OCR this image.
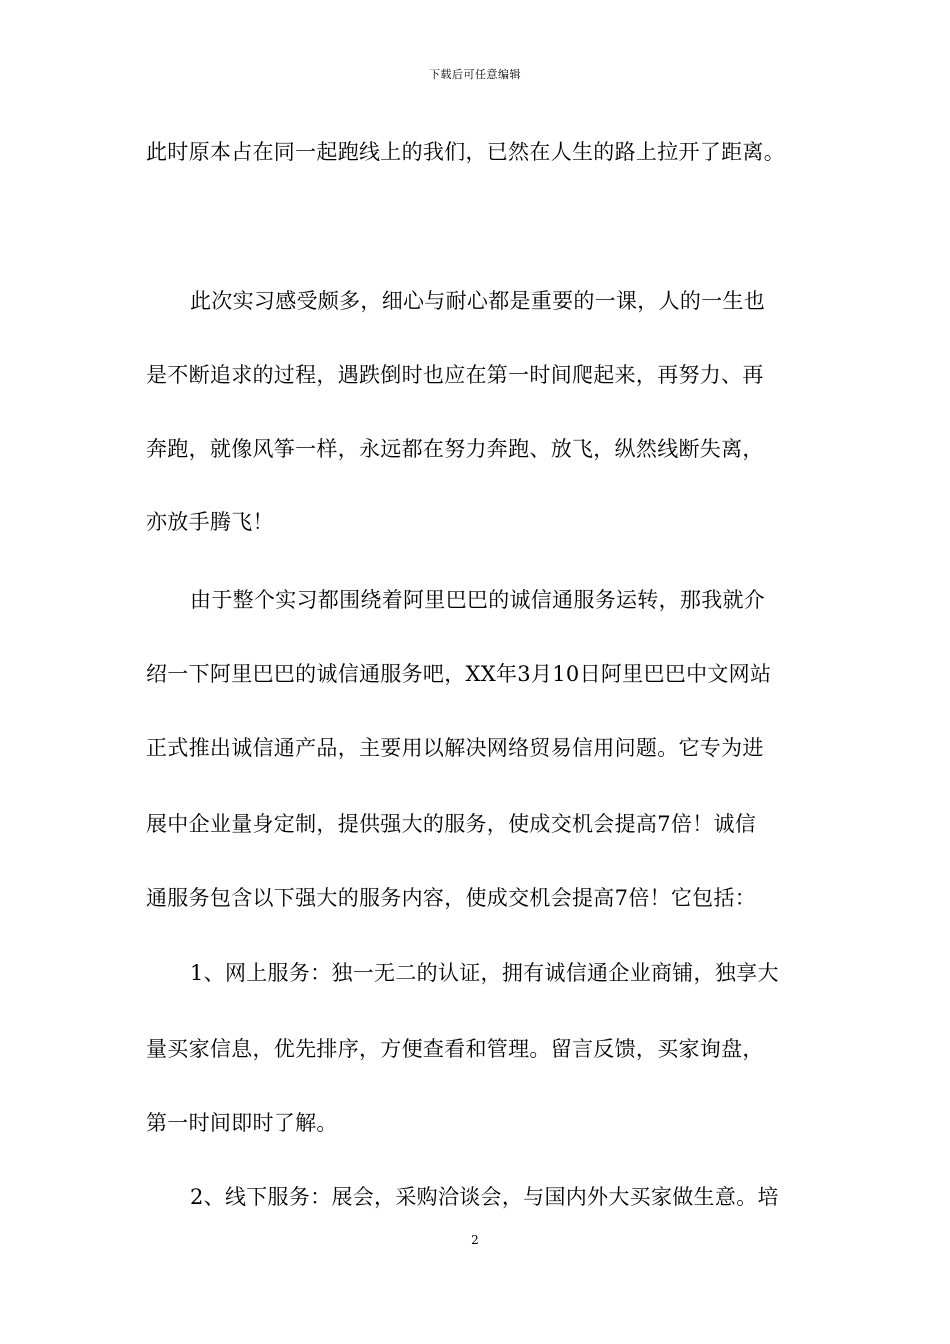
下载后可任意编辑
此时原本占在同一起跑线上的我们，已然在人生的路上拉开了距离。
此次实习感受颇多，细心与耐心都是重要的一课，人的一生也
是不断追求的过程，遇跌倒时也应在第一时间爬起来，再努力、再
奔跑，就像风筝一样，永远都在努力奔跑、放飞，纵然线断失离，
亦放手腾飞！
由于整个实习都围绕着阿里巴巴的诚信通服务运转，那我就介
绍一下阿里巴巴的诚信通服务吧，XX年3月10日阿里巴巴中文网站
正式推出诚信通产品，主要用以解决网络贸易信用问题。它专为进
展中企业量身定制，提供强大的服务，使成交机会提高7倍！诚信
通服务包含以下强大的服务内容，使成交机会提高7倍！它包括：
1、网上服务：独一无二的认证，拥有诚信通企业商铺，独享大
量买家信息，优先排序，方便查看和管理。留言反馈，买家询盘，
第一时间即时了解。
2、线下服务：展会，采购洽谈会，与国内外大买家做生意。培
2
